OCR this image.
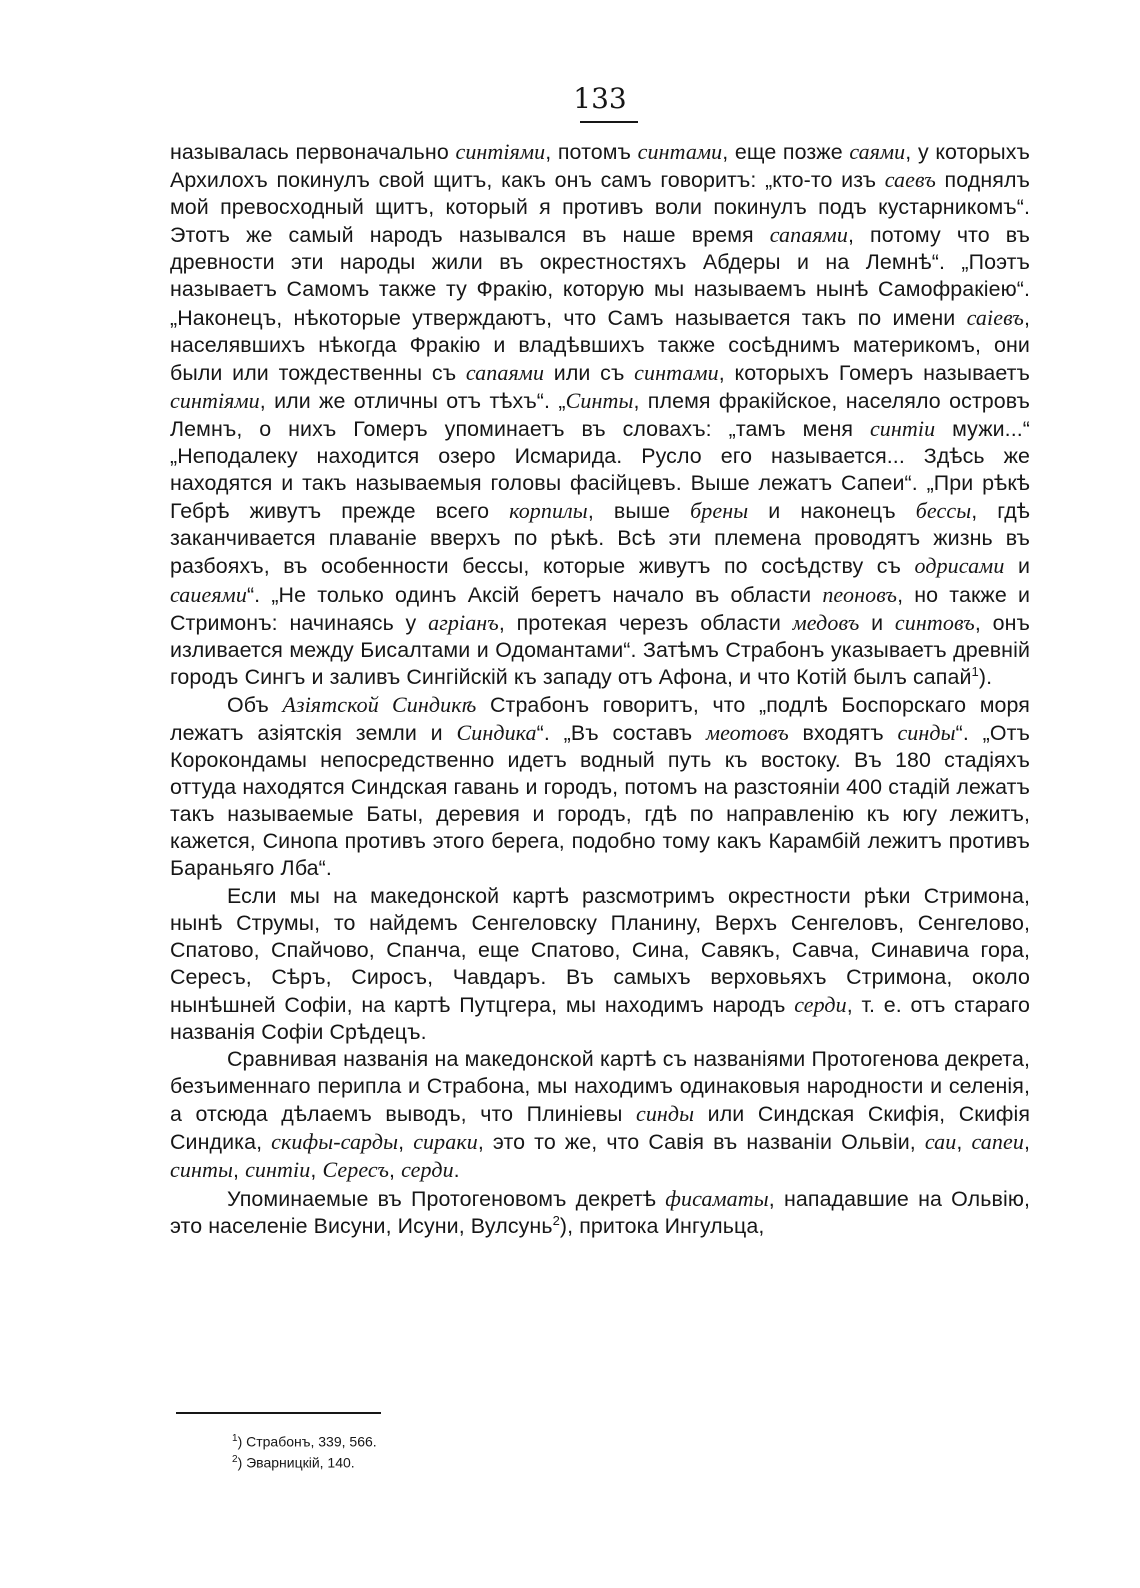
133

называлась первоначально синтіями, потомъ синтами, еще позже саями, у которыхъ Архилохъ покинулъ свой щитъ, какъ онъ самъ говоритъ: „кто-то изъ саевъ поднялъ мой превосходный щитъ, который я противъ воли покинулъ подъ кустарникомъ“. Этотъ же самый народъ называлcя въ наше время сапаями, потому что въ древности эти народы жили въ окрестностяхъ Абдеры и на Лемнѣ“. „Поэтъ называетъ Самомъ также ту Фракію, которую мы называемъ нынѣ Самофракіею“. „Наконецъ, нѣкоторые утверждаютъ, что Самъ называется такъ по имени саіевъ, населявшихъ нѣкогда Фракію и владѣвшихъ также сосѣднимъ материкомъ, они были или тождественны съ сапаями или съ синтами, которыхъ Гомеръ называетъ синтіями, или же отличны отъ тѣхъ“. „Синты, племя фракійское, населяло островъ Лемнъ, о нихъ Гомеръ упоминаетъ въ словахъ: „тамъ меня синтіи мужи...“ „Неподалеку находится озеро Исмарида. Русло его называется... Здѣсь же находятся и такъ называемыя головы фасійцевъ. Выше лежатъ Сапеи“. „При рѣкѣ Гебрѣ живутъ прежде всего корпилы, выше брены и наконецъ бессы, гдѣ заканчивается плаваніе вверхъ по рѣкѣ. Всѣ эти племена проводятъ жизнь въ разбояхъ, въ особенности бессы, которые живутъ по сосѣдству съ одрисами и саиеями“. „Не только одинъ Аксій беретъ начало въ области пеоновъ, но также и Стримонъ: начинаясь у агріанъ, протекая черезъ области медовъ и синтовъ, онъ изливается между Бисалтами и Одомантами“. Затѣмъ Страбонъ указываетъ древній городъ Сингъ и заливъ Сингійскій къ западу отъ Афона, и что Котій былъ сапай$^1$).

Объ Азіятской Синдикѣ Страбонъ говоритъ, что „подлѣ Боспорскаго моря лежатъ азіятскія земли и Синдика“. „Въ составъ меотовъ входятъ синды“. „Отъ Корокондамы непосредственно идетъ водный путь къ востоку. Въ 180 стадіяхъ оттуда находятся Синдская гавань и городъ, потомъ на разстояніи 400 стадій лежатъ такъ называемые Баты, деревия и городъ, гдѣ по направленію къ югу лежитъ, кажется, Синопа противъ этого берега, подобно тому какъ Карамбій лежитъ противъ Бараньяго Лба“.

Если мы на македонской картѣ разсмотримъ окрестности рѣки Стримона, нынѣ Струмы, то найдемъ Сенгеловску Планину, Верхъ Сенгеловъ, Сенгелово, Спатово, Спайчово, Спанча, еще Спатово, Сина, Савякъ, Савча, Синавича гора, Сересъ, Сѣръ, Сиросъ, Чавдаръ. Въ самыхъ верховьяхъ Стримона, около нынѣшней Софіи, на картѣ Путцгера, мы находимъ народъ серди, т. е. отъ стараго названія Софіи Срѣдецъ.

Сравнивая названія на македонской картѣ съ названіями Протогенова декрета, безъименнаго перипла и Страбона, мы находимъ одинаковыя народности и селенія, а отсюда дѣлаемъ выводъ, что Плиніевы синды или Синдская Скифія, Скифія Синдика, скифы-сарды, сираки, это то же, что Савія въ названіи Ольвіи, саи, сапеи, синты, синтіи, Сересъ, серди.

Упоминаемые въ Протогеновомъ декретѣ фисаматы, нападавшие на Ольвію, это населеніе Висуни, Исуни, Вулсунь$^2$), притока Ингульца,

$^1$) Страбонъ, 339, 566.
$^2$) Эварницкій, 140.
